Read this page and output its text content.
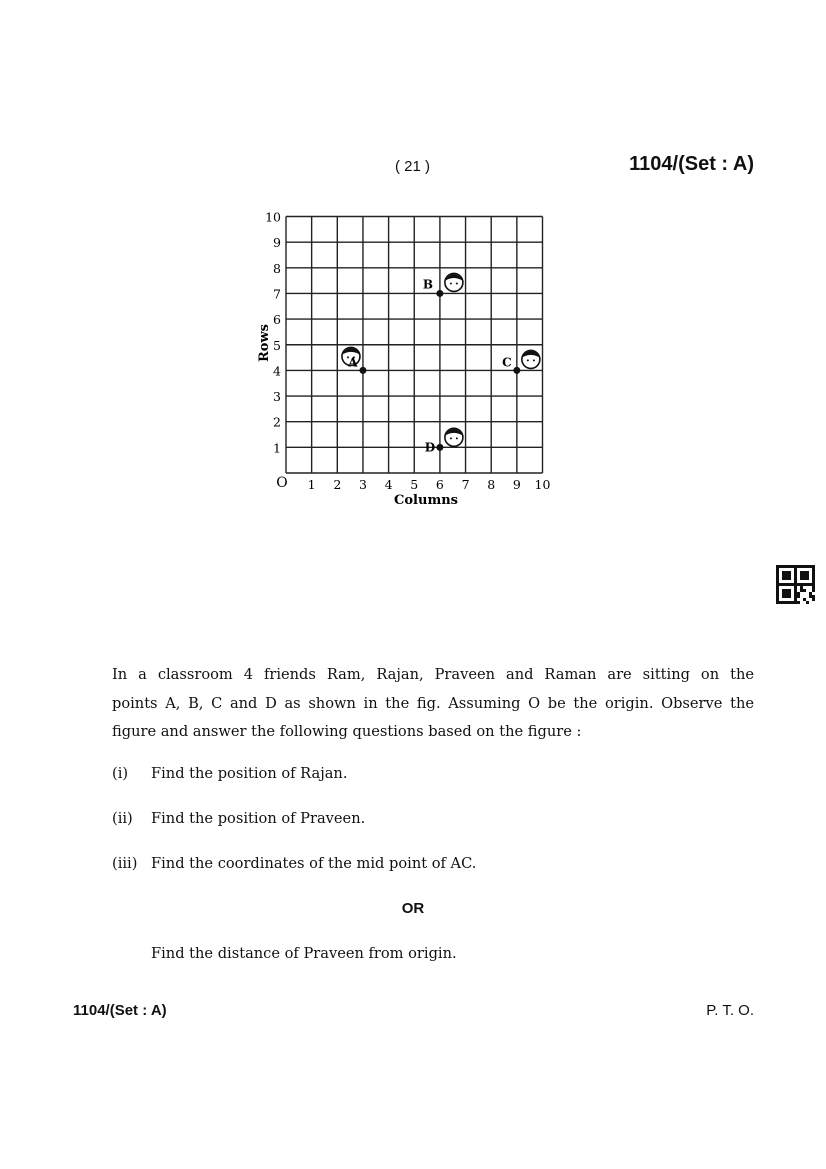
( 21 )	1104/(Set : A)
1 2 3 4 5 6 7 8 9 10
1
2
3
4
5
6
7
8
9
10
O
Columns
Rows
A
B
C
D
In a classroom 4 friends Ram, Rajan, Praveen and Raman are sitting on the
points A, B, C and D as shown in the fig. Assuming O be the origin. Observe the
figure and answer the following questions based on the figure :
(i) Find the position of Rajan.
(ii) Find the position of Praveen.
(iii) Find the coordinates of the mid point of AC.
OR
Find the distance of Praveen from origin.
1104/(Set : A)	P. T. O.
